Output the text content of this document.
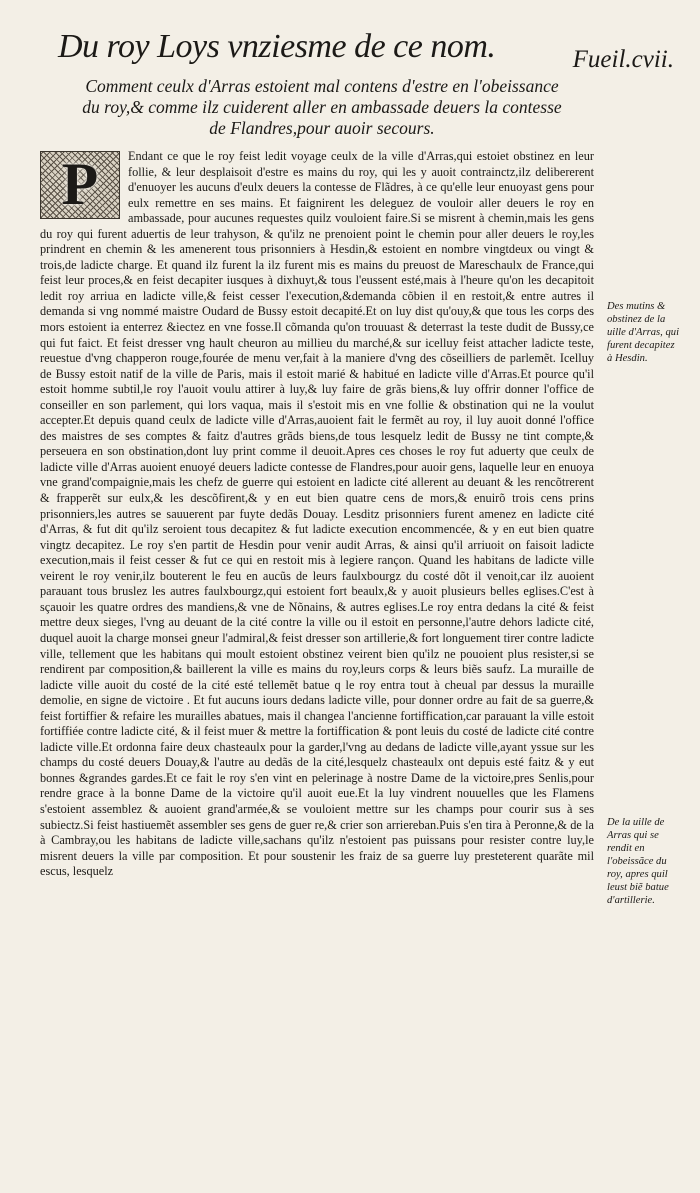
Du roy Loys vnziesme de ce nom.	Fueil.cvii.
Comment ceulx d'Arras estoient mal contens d'estre en l'obeissance du roy,& comme ilz cuiderent aller en ambassade deuers la contesse de Flandres,pour auoir secours.
P	Endant ce que le roy feist ledit voyage ceulx de la ville d'Arras,qui estoiet obstinez en leur follie, & leur desplaisoit d'estre es mains du roy, qui les y auoit contrainctz,ilz delibererent d'enuoyer les aucuns d'eulx deuers la contesse de Flãdres, à ce qu'elle leur enuoyast gens pour eulx remettre en ses mains. Et faignirent les deleguez de vouloir aller deuers le roy en ambassade, pour aucunes requestes quilz vouloient faire.Si se misrent à chemin,mais les gens du roy qui furent aduertis de leur trahyson, & qu'ilz ne prenoient point le chemin pour aller deuers le roy,les prindrent en chemin & les amenerent tous prisonniers à Hesdin,& estoient en nombre vingtdeux ou vingt & trois,de ladicte charge. Et quand ilz furent la ilz furent mis es mains du preuost de Mareschaulx de France,qui feist leur proces,& en feist decapiter iusques à dixhuyt,& tous l'eussent esté,mais à l'heure qu'on les decapitoit ledit roy arriua en ladicte ville,& feist cesser l'execution,&demanda cõbien il en restoit,& entre autres il demanda si vng nommé maistre Oudard de Bussy estoit decapité.Et on luy dist qu'ouy,& que tous les corps des mors estoient ia enterrez &iectez en vne fosse.Il cõmanda qu'on trouuast & deterrast la teste dudit de Bussy,ce qui fut faict. Et feist dresser vng hault cheuron au millieu du marché,& sur icelluy feist attacher ladicte teste, reuestue d'vng chapperon rouge,fourée de menu ver,fait à la maniere d'vng des cõseilliers de parlemẽt. Icelluy de Bussy estoit natif de la ville de Paris, mais il estoit marié & habitué en ladicte ville d'Arras.Et pource qu'il estoit homme subtil,le roy l'auoit voulu attirer à luy,& luy faire de grãs biens,& luy offrir donner l'office de conseiller en son parlement, qui lors vaqua, mais il s'estoit mis en vne follie & obstination qui ne la voulut accepter.Et depuis quand ceulx de ladicte ville d'Arras,auoient fait le fermẽt au roy, il luy auoit donné l'office des maistres de ses comptes & faitz d'autres grãds biens,de tous lesquelz ledit de Bussy ne tint compte,& perseuera en son obstination,dont luy print comme il deuoit.Apres ces choses le roy fut aduerty que ceulx de ladicte ville d'Arras auoient enuoyé deuers ladicte contesse de Flandres,pour auoir gens, laquelle leur en enuoya vne grand'compaignie,mais les chefz de guerre qui estoient en ladicte cité allerent au deuant & les rencõtrerent & frapperẽt sur eulx,& les descõfirent,& y en eut bien quatre cens de mors,& enuirõ trois cens prins prisonniers,les autres se sauuerent par fuyte dedãs Douay. Lesditz prisonniers furent amenez en ladicte cité d'Arras, & fut dit qu'ilz seroient tous decapitez & fut ladicte execution encommencée, & y en eut bien quatre vingtz decapitez. Le roy s'en partit de Hesdin pour venir audit Arras, & ainsi qu'il arriuoit on faisoit ladicte execution,mais il feist cesser & fut ce qui en restoit mis à legiere rançon. Quand les habitans de ladicte ville veirent le roy venir,ilz bouterent le feu en aucũs de leurs faulxbourgz du costé dõt il venoit,car ilz auoient parauant tous bruslez les autres faulxbourgz,qui estoient fort beaulx,& y auoit plusieurs belles eglises.C'est à sçauoir les quatre ordres des mandiens,& vne de Nõnains, & autres eglises.Le roy entra dedans la cité & feist mettre deux sieges, l'vng au deuant de la cité contre la ville ou il estoit en personne,l'autre dehors ladicte cité, duquel auoit la charge monsei gneur l'admiral,& feist dresser son artillerie,& fort longuement tirer contre ladicte ville, tellement que les habitans qui moult estoient obstinez veirent bien qu'ilz ne pouoient plus resister,si se rendirent par composition,& baillerent la ville es mains du roy,leurs corps & leurs biẽs saufz. La muraille de ladicte ville auoit du costé de la cité esté tellemẽt batue q le roy entra tout à cheual par dessus la muraille demolie, en signe de victoire . Et fut aucuns iours dedans ladicte ville, pour donner ordre au fait de sa guerre,& feist fortiffier & refaire les murailles abatues, mais il changea l'ancienne fortiffication,car parauant la ville estoit fortiffiée contre ladicte cité, & il feist muer & mettre la fortiffication & pont leuis du costé de ladicte cité contre ladicte ville.Et ordonna faire deux chasteaulx pour la garder,l'vng au dedans de ladicte ville,ayant yssue sur les champs du costé deuers Douay,& l'autre au dedãs de la cité,lesquelz chasteaulx ont depuis esté faitz & y eut bonnes &grandes gardes.Et ce fait le roy s'en vint en pelerinage à nostre Dame de la victoire,pres Senlis,pour rendre grace à la bonne Dame de la victoire qu'il auoit eue.Et la luy vindrent nouuelles que les Flamens s'estoient assemblez & auoient grand'armée,& se vouloient mettre sur les champs pour courir sus à ses subiectz.Si feist hastiuemẽt assembler ses gens de guer re,& crier son arriereban.Puis s'en tira à Peronne,& de la à Cambray,ou les habitans de ladicte ville,sachans qu'ilz n'estoient pas puissans pour resister contre luy,le misrent deuers la ville par composition. Et pour soustenir les fraiz de sa guerre luy presteterent quarãte mil escus, lesquelz
Des mutins & obstinez de la uille d'Arras, qui furent decapitez à Hesdin.
De la uille de Arras qui se rendit en l'obeissãce du roy, apres quil leust biẽ batue d'artillerie.
